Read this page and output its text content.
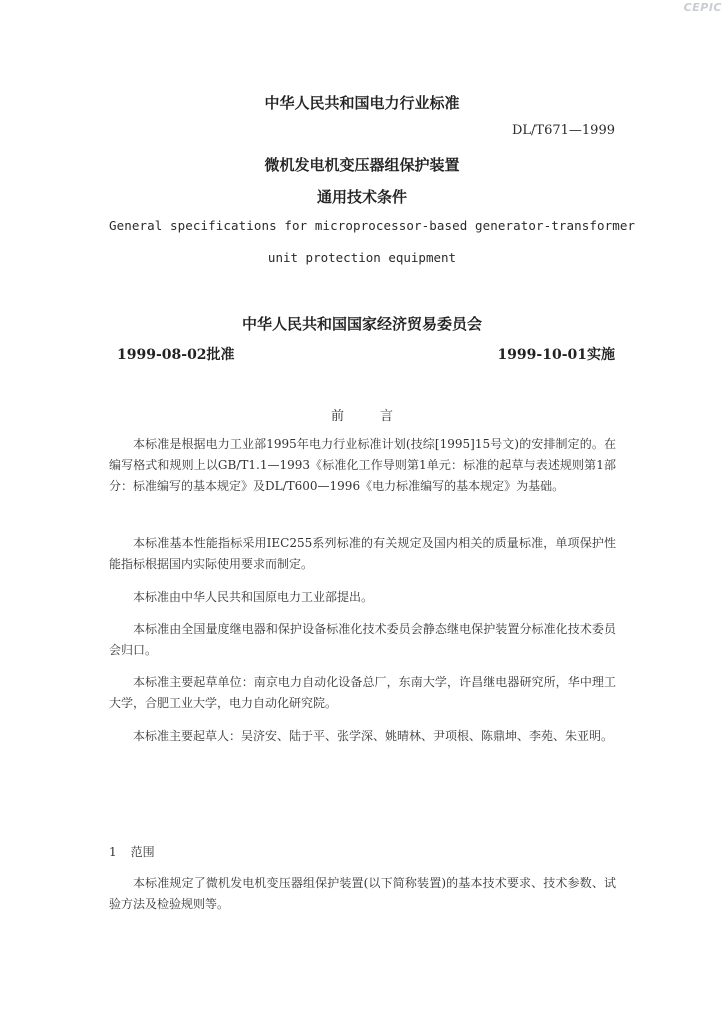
CEPIC
中华人民共和国电力行业标准
DL/T671—1999
微机发电机变压器组保护装置
通用技术条件
General specifications for microprocessor-based generator-transformer
unit protection equipment
中华人民共和国国家经济贸易委员会
1999-08-02批准	1999-10-01实施
前	言

本标准是根据电力工业部1995年电力行业标准计划(技综[1995]15号文)的安排制定的。在编写格式和规则上以GB/T1.1—1993《标准化工作导则第1单元：标准的起草与表述规则第1部分：标准编写的基本规定》及DL/T600—1996《电力标准编写的基本规定》为基础。

本标准基本性能指标采用IEC255系列标准的有关规定及国内相关的质量标准，单项保护性能指标根据国内实际使用要求而制定。

本标准由中华人民共和国原电力工业部提出。

本标准由全国量度继电器和保护设备标准化技术委员会静态继电保护装置分标准化技术委员会归口。

本标准主要起草单位：南京电力自动化设备总厂，东南大学，许昌继电器研究所，华中理工大学，合肥工业大学，电力自动化研究院。

本标准主要起草人：吴济安、陆于平、张学深、姚晴林、尹项根、陈鼎坤、李苑、朱亚明。

1 范围

本标准规定了微机发电机变压器组保护装置(以下简称装置)的基本技术要求、技术参数、试验方法及检验规则等。
